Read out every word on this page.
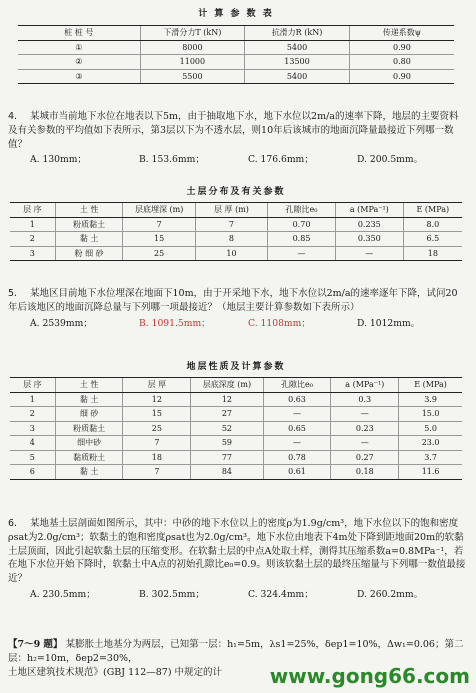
计 算 参 数 表

桩 桩 号	下滑分力T (kN)	抗滑力R (kN)	传递系数ψ
①	8000	5400	0.90
②	11000	13500	0.80
③	5500	5400	0.90

4. 某城市当前地下水位在地表以下5m，由于抽取地下水，地下水位以2m/a的速率下降，地层的主要资料及有关参数的平均值如下表所示，第3层以下为不透水层，则10年后该城市的地面沉降量最接近下列哪一数值？

A. 130mm；	B. 153.6mm；	C. 176.6mm；	D. 200.5mm。

土层分布及有关参数

层 序	土 性	层底埋深 (m)	层 厚 (m)	孔隙比e₀	a (MPa⁻¹)	E (MPa)
1	粉质黏土	7	7	0.70	0.235	8.0
2	黏 土	15	8	0.85	0.350	6.5
3	粉 细 砂	25	10	—	—	18

5. 某地区目前地下水位埋深在地面下10m，由于开采地下水，地下水位以2m/a的速率逐年下降，试问20年后该地区的地面沉降总量与下列哪一项最接近？（地层主要计算参数如下表所示）

A. 2539mm；	B. 1091.5mm；	C. 1108mm；	D. 1012mm。

地层性质及计算参数

层 序	土 性	层 厚	层底深度 (m)	孔隙比e₀	a (MPa⁻¹)	E (MPa)
1	黏 土	12	12	0.63	0.3	3.9
2	细 砂	15	27	—	—	15.0
3	粉质黏土	25	52	0.65	0.23	5.0
4	细中砂	7	59	—	—	23.0
5	黏质粉土	18	77	0.78	0.27	3.7
6	黏 土	7	84	0.61	0.18	11.6

6. 某地基土层剖面如图所示，其中：中砂的地下水位以上的密度ρ为1.9g/cm³，地下水位以下的饱和密度ρsat为2.0g/cm³；软黏土的饱和密度ρsat也为2.0g/cm³。地下水位由地表下4m处下降到距地面20m的软黏土层顶面，因此引起软黏土层的压缩变形。在软黏土层的中点A处取土样，测得其压缩系数a=0.8MPa⁻¹，若在地下水位开始下降时，软黏土中A点的初始孔隙比e₀=0.9。则该软黏土层的最终压缩量与下列哪一数值最接近？

A. 230.5mm；	B. 302.5mm；	C. 324.4mm；	D. 260.2mm。

【7～9 题】 某膨胀土地基分为两层，已知第一层：h₁=5m，λs1=25%，δep1=10%，Δw₁=0.06；第二层：h₂=10m，δep2=30%，

土地区建筑技术规范》(GBJ 112—87) 中规定的计	www.gong66.com
